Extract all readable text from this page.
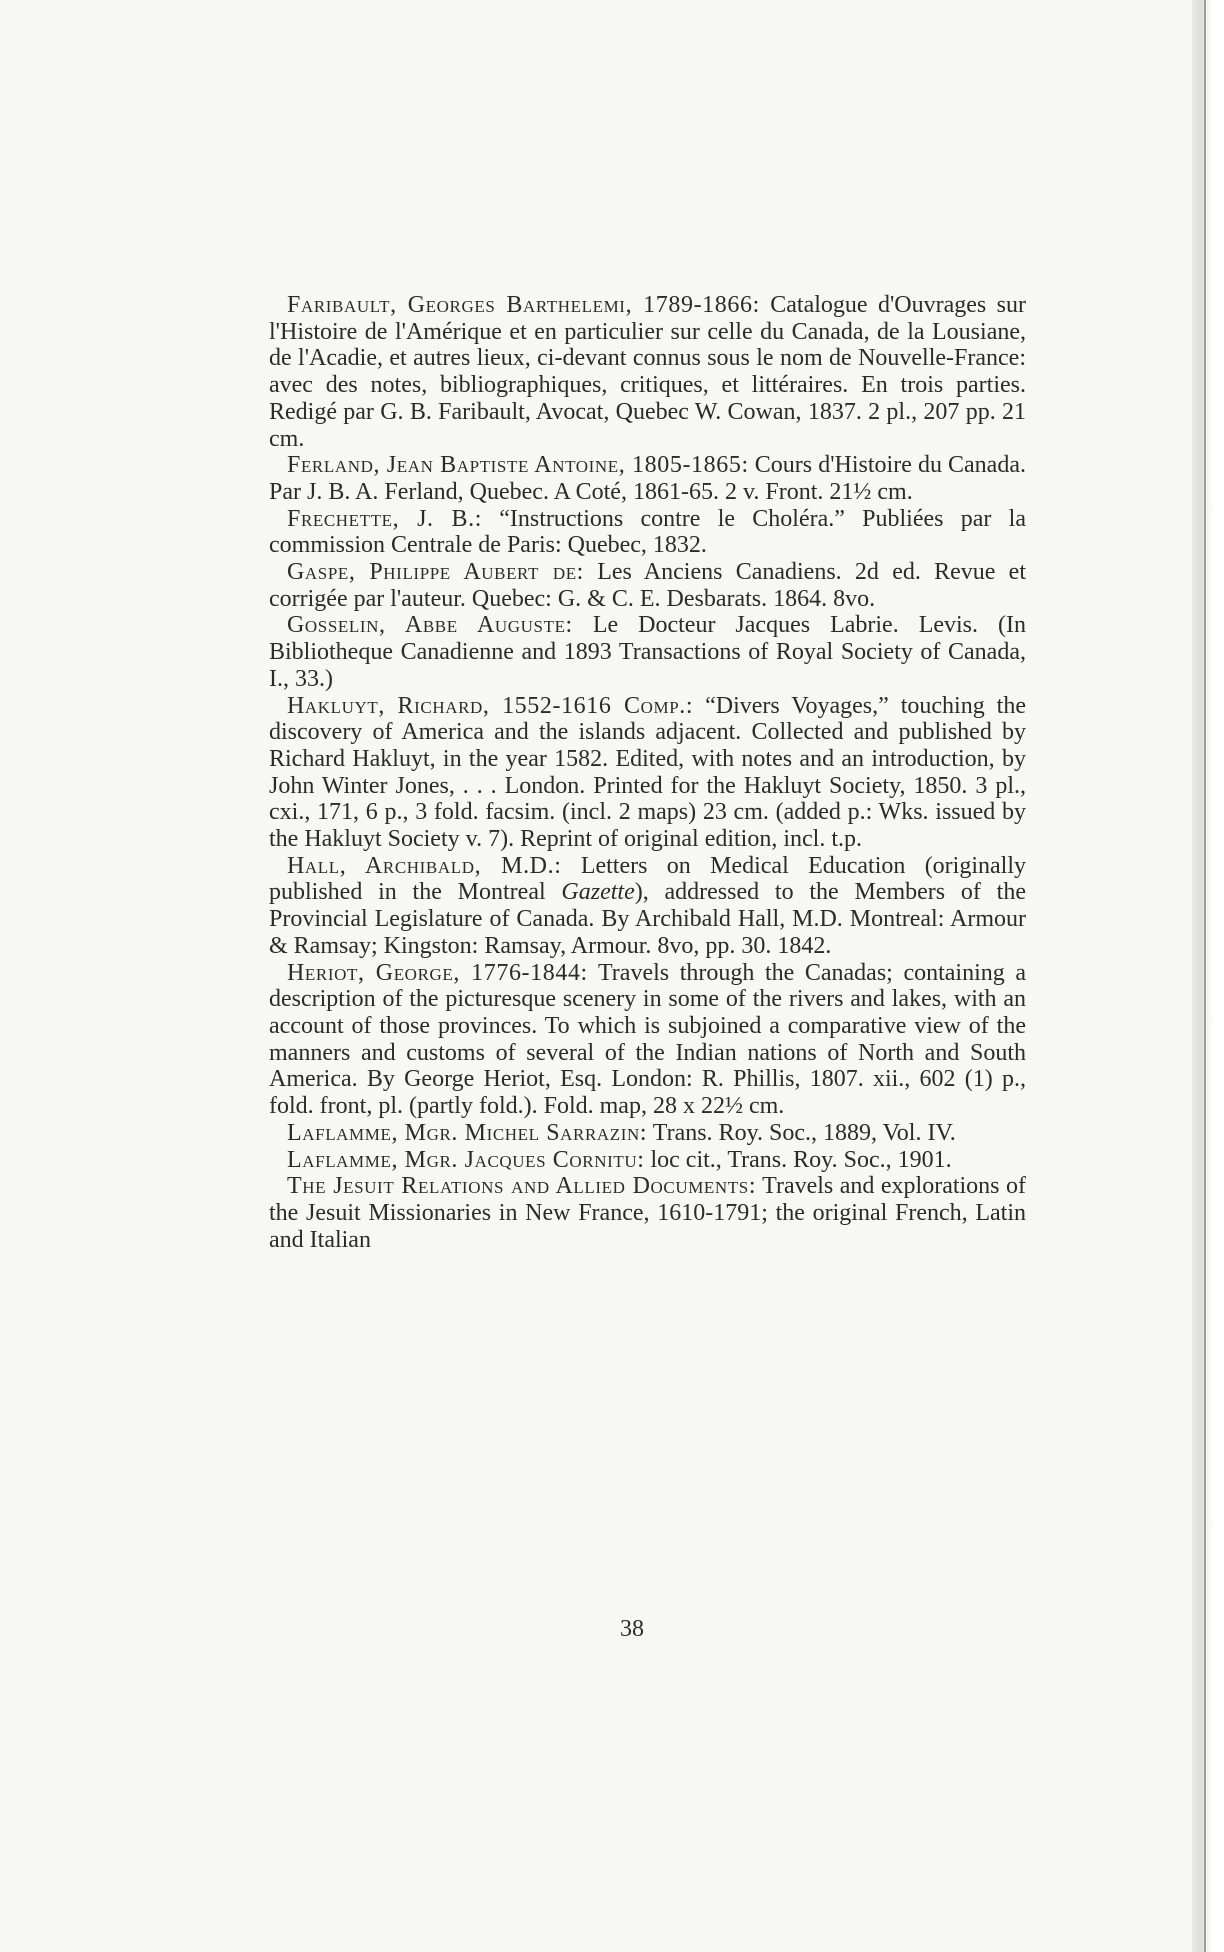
Faribault, Georges Barthelemi, 1789-1866: Catalogue d'Ouvrages sur l'Histoire de l'Amérique et en particulier sur celle du Canada, de la Lousiane, de l'Acadie, et autres lieux, ci-devant connus sous le nom de Nouvelle-France: avec des notes, bibliographiques, critiques, et littéraires. En trois parties. Redigé par G. B. Faribault, Avocat, Quebec W. Cowan, 1837. 2 pl., 207 pp. 21 cm.

Ferland, Jean Baptiste Antoine, 1805-1865: Cours d'Histoire du Canada. Par J. B. A. Ferland, Quebec. A Coté, 1861-65. 2 v. Front. 21½ cm.

Frechette, J. B.: “Instructions contre le Choléra.” Publiées par la commission Centrale de Paris: Quebec, 1832.

Gaspe, Philippe Aubert de: Les Anciens Canadiens. 2d ed. Revue et corrigée par l'auteur. Quebec: G. & C. E. Desbarats. 1864. 8vo.

Gosselin, Abbe Auguste: Le Docteur Jacques Labrie. Levis. (In Bibliotheque Canadienne and 1893 Transactions of Royal Society of Canada, I., 33.)

Hakluyt, Richard, 1552-1616 Comp.: “Divers Voyages,” touching the discovery of America and the islands adjacent. Collected and published by Richard Hakluyt, in the year 1582. Edited, with notes and an introduction, by John Winter Jones, . . . London. Printed for the Hakluyt Society, 1850. 3 pl., cxi., 171, 6 p., 3 fold. facsim. (incl. 2 maps) 23 cm. (added p.: Wks. issued by the Hakluyt Society v. 7). Reprint of original edition, incl. t.p.

Hall, Archibald, M.D.: Letters on Medical Education (originally published in the Montreal Gazette), addressed to the Members of the Provincial Legislature of Canada. By Archibald Hall, M.D. Montreal: Armour & Ramsay; Kingston: Ramsay, Armour. 8vo, pp. 30. 1842.

Heriot, George, 1776-1844: Travels through the Canadas; containing a description of the picturesque scenery in some of the rivers and lakes, with an account of those provinces. To which is subjoined a comparative view of the manners and customs of several of the Indian nations of North and South America. By George Heriot, Esq. London: R. Phillis, 1807. xii., 602 (1) p., fold. front, pl. (partly fold.). Fold. map, 28 x 22½ cm.

Laflamme, Mgr. Michel Sarrazin: Trans. Roy. Soc., 1889, Vol. IV.

Laflamme, Mgr. Jacques Cornitu: loc cit., Trans. Roy. Soc., 1901.

The Jesuit Relations and Allied Documents: Travels and explorations of the Jesuit Missionaries in New France, 1610-1791; the original French, Latin and Italian

38
